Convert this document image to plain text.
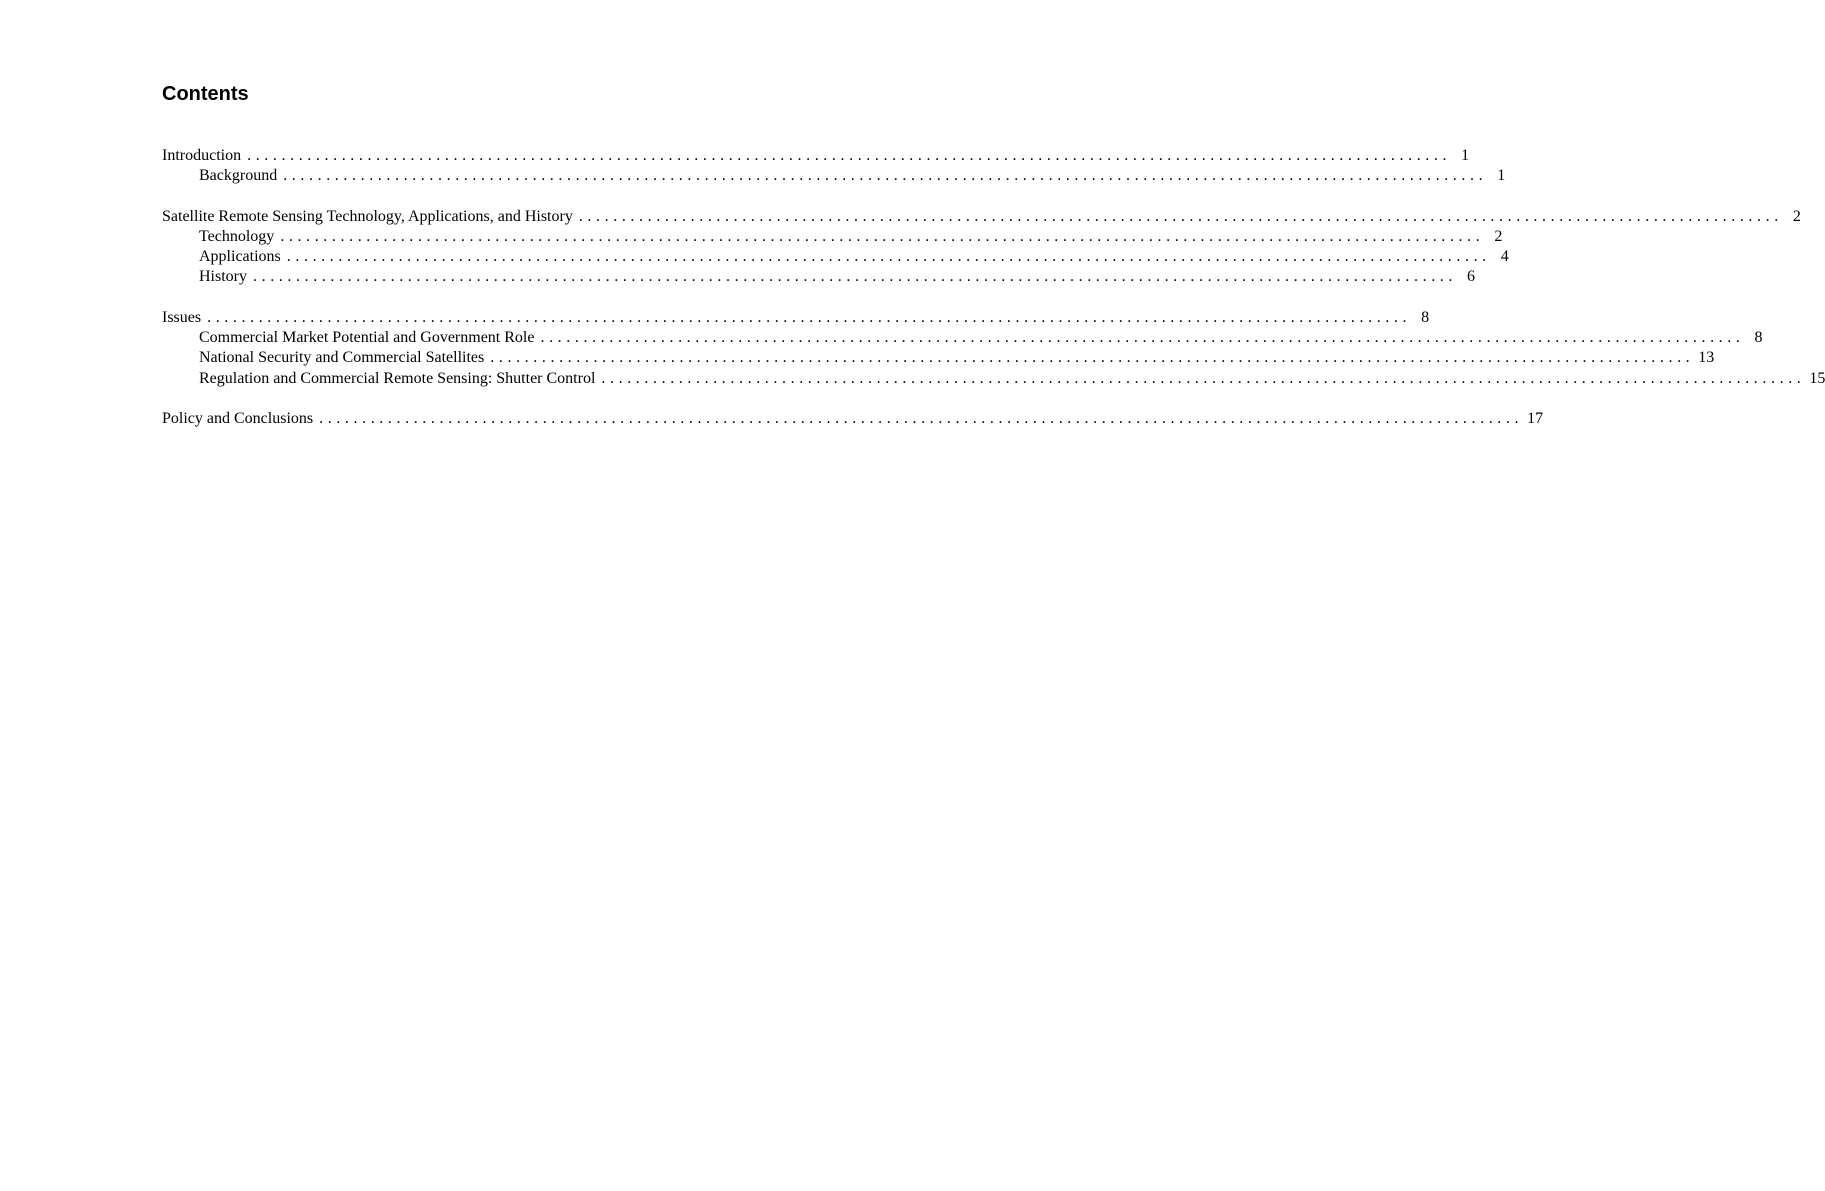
Contents
Introduction ............................................................................................................................................ 1
Background ............................................................................................................................................ 1
Satellite Remote Sensing Technology, Applications, and History ............................................................................................................................................ 2
Technology ............................................................................................................................................ 2
Applications ............................................................................................................................................ 4
History ............................................................................................................................................ 6
Issues ............................................................................................................................................ 8
Commercial Market Potential and Government Role ............................................................................................................................................ 8
National Security and Commercial Satellites ............................................................................................................................................ 13
Regulation and Commercial Remote Sensing: Shutter Control ............................................................................................................................................ 15
Policy and Conclusions ............................................................................................................................................ 17
